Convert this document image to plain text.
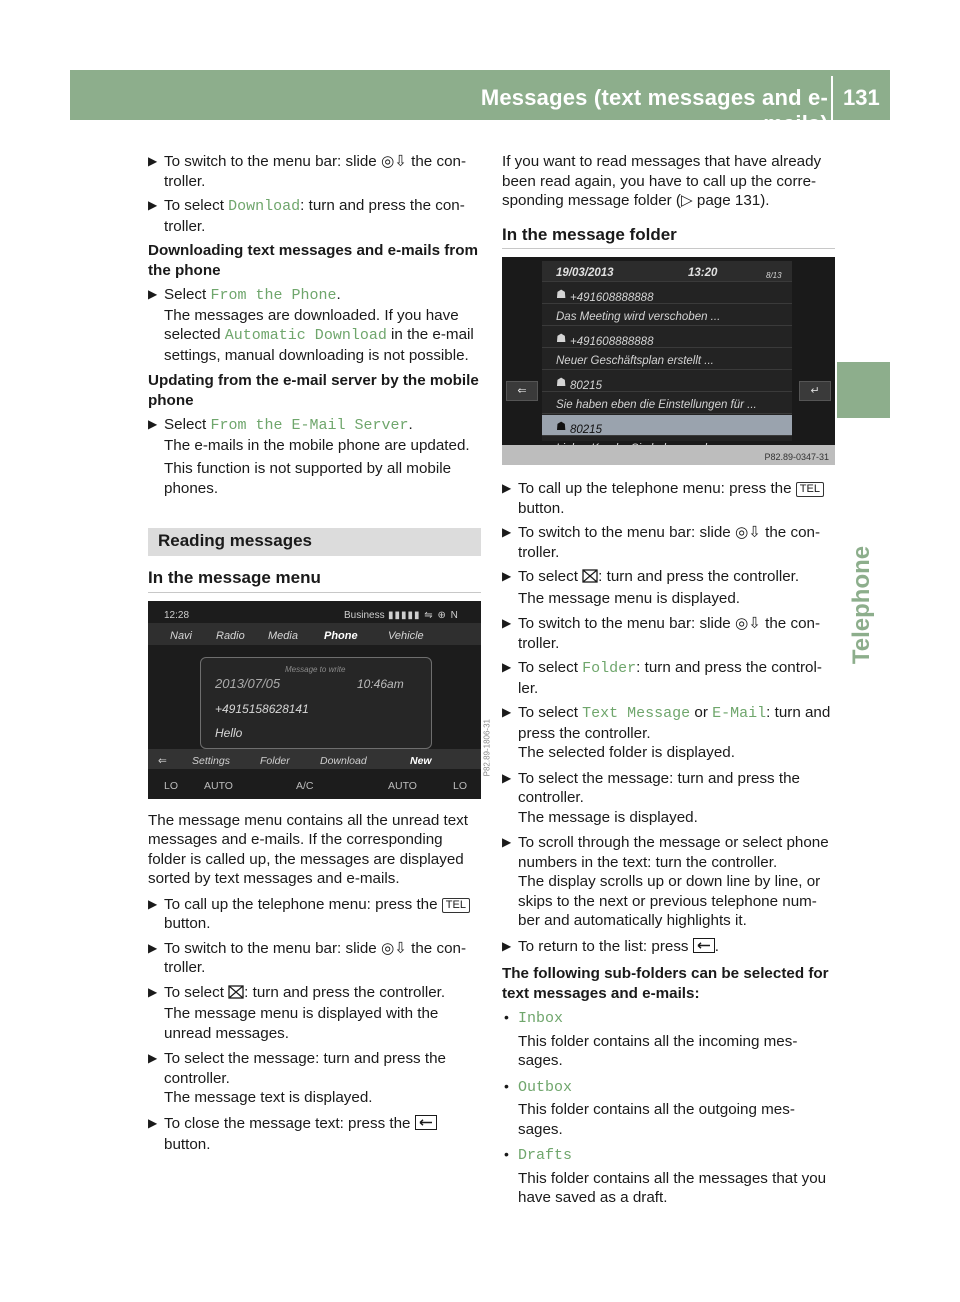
Messages (text messages and e-mails)
131
Telephone
▶ To switch to the menu bar: slide ◎⇩ the con-troller.
▶ To select Download: turn and press the con-troller.

Downloading text messages and e-mails from the phone

▶ Select From the Phone.

The messages are downloaded. If you have selected Automatic Download in the e-mail settings, manual downloading is not possible.

Updating from the e-mail server by the mobile phone

▶ Select From the E-Mail Server.

The e-mails in the mobile phone are updated.

This function is not supported by all mobile phones.

Reading messages
In the message menu
12:28	Business ▮▮▮▮▮ ⇋ ⊕ N
Navi Radio Media Phone	Vehicle
Message to write
2013/07/05	10:46am
+4915158628141
Hello
⇐ Settings	Folder	Download	New
LO AUTO	A/C	AUTO	LO
P82.89-1806-31

The message menu contains all the unread text messages and e-mails. If the corresponding folder is called up, the messages are displayed sorted by text messages and e-mails.

▶ To call up the telephone menu: press the TEL button.
▶ To switch to the menu bar: slide ◎⇩ the con-troller.
▶ To select : turn and press the controller.

The message menu is displayed with the unread messages.

▶ To select the message: turn and press the controller.

The message text is displayed.

▶ To close the message text: press the  button.

If you want to read messages that have already been read again, you have to call up the corre-sponding message folder (▷ page 131).

In the message folder
⇐	↵
19/03/2013	13:20	8/13
☗ +491608888888
Das Meeting wird verschoben ...
☗ +491608888888
Neuer Geschäftsplan erstellt ...
☗ 80215
Sie haben eben die Einstellungen für ...
☗ 80215
P82.89-0347-31
▶ To call up the telephone menu: press the TEL button.
▶ To switch to the menu bar: slide ◎⇩ the con-troller.
▶ To select : turn and press the controller.

The message menu is displayed.

▶ To switch to the menu bar: slide ◎⇩ the con-troller.
▶ To select Folder: turn and press the control-ler.
▶ To select Text Message or E-Mail: turn and press the controller.

The selected folder is displayed.

▶ To select the message: turn and press the controller.

The message is displayed.

▶ To scroll through the message or select phone numbers in the text: turn the controller.

The display scrolls up or down line by line, or skips to the next or previous telephone num-ber and automatically highlights it.

▶ To return to the list: press .

The following sub-folders can be selected for text messages and e-mails:

• Inbox

This folder contains all the incoming mes-sages.

• Outbox

This folder contains all the outgoing mes-sages.

• Drafts

This folder contains all the messages that you have saved as a draft.
